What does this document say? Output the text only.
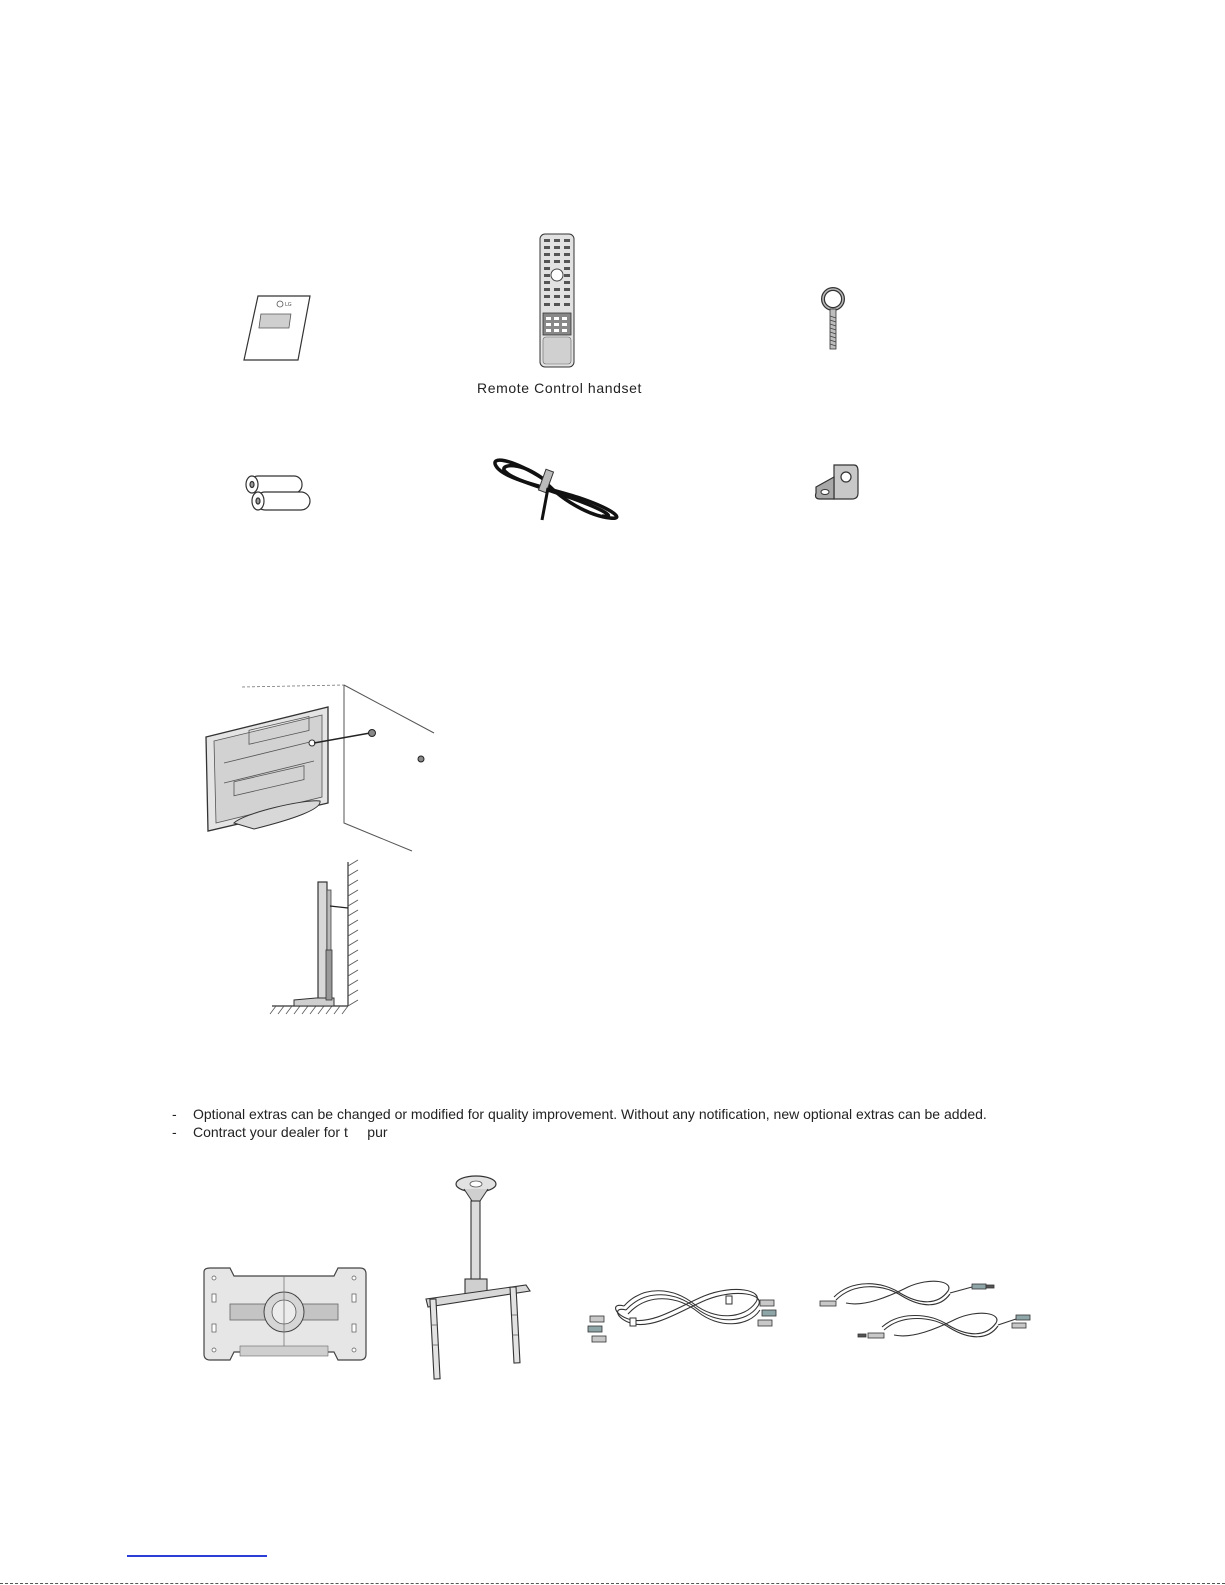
LG
Remote Control handset
-	Optional extras can be changed or modified for quality improvement. Without any notification, new optional extras can be added.
-	Contract your dealer for t     pur
